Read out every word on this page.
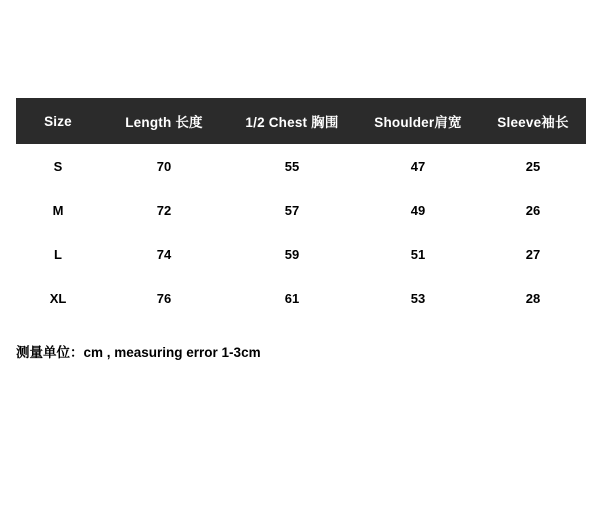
Size	Length 长度	1/2 Chest 胸围	Shoulder肩宽	Sleeve袖长
S	70	55	47	25
M	72	57	49	26
L	74	59	51	27
XL	76	61	53	28
测量单位：cm , measuring error 1-3cm
